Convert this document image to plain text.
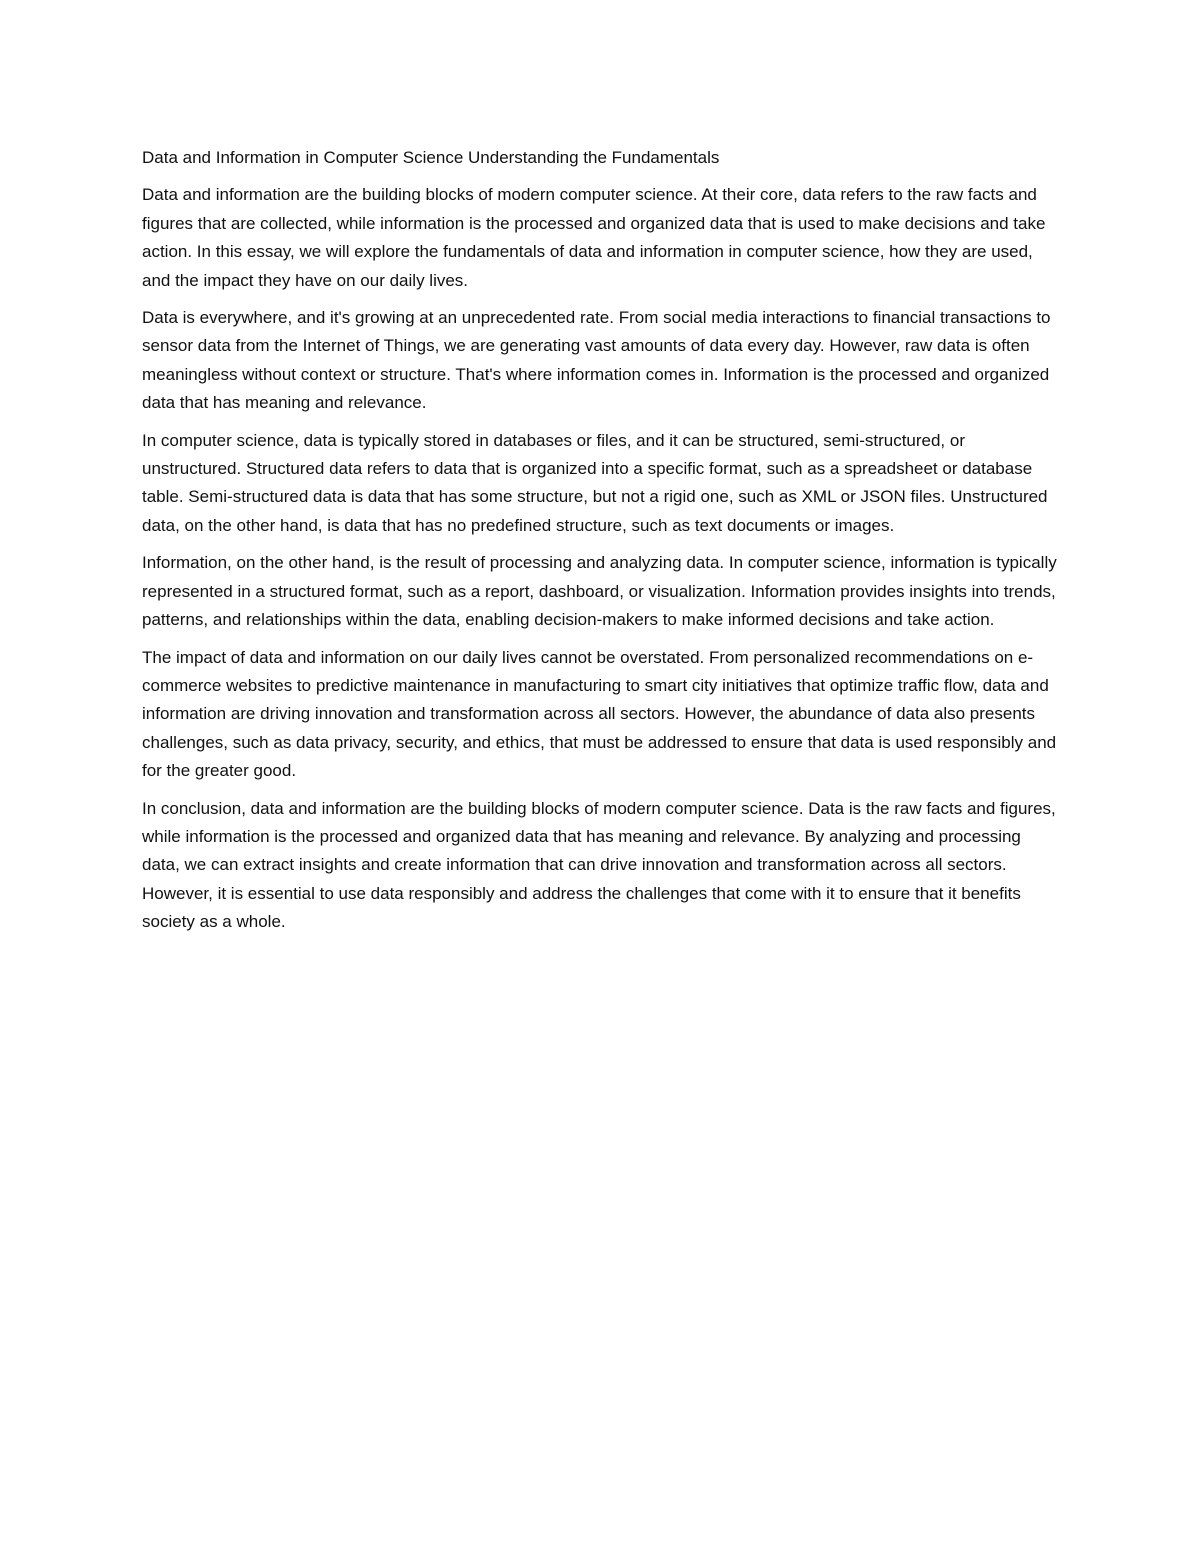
Data and Information in Computer Science Understanding the Fundamentals

Data and information are the building blocks of modern computer science. At their core, data refers to the raw facts and figures that are collected, while information is the processed and organized data that is used to make decisions and take action. In this essay, we will explore the fundamentals of data and information in computer science, how they are used, and the impact they have on our daily lives.

Data is everywhere, and it's growing at an unprecedented rate. From social media interactions to financial transactions to sensor data from the Internet of Things, we are generating vast amounts of data every day. However, raw data is often meaningless without context or structure. That's where information comes in. Information is the processed and organized data that has meaning and relevance.

In computer science, data is typically stored in databases or files, and it can be structured, semi-structured, or unstructured. Structured data refers to data that is organized into a specific format, such as a spreadsheet or database table. Semi-structured data is data that has some structure, but not a rigid one, such as XML or JSON files. Unstructured data, on the other hand, is data that has no predefined structure, such as text documents or images.

Information, on the other hand, is the result of processing and analyzing data. In computer science, information is typically represented in a structured format, such as a report, dashboard, or visualization. Information provides insights into trends, patterns, and relationships within the data, enabling decision-makers to make informed decisions and take action.

The impact of data and information on our daily lives cannot be overstated. From personalized recommendations on e-commerce websites to predictive maintenance in manufacturing to smart city initiatives that optimize traffic flow, data and information are driving innovation and transformation across all sectors. However, the abundance of data also presents challenges, such as data privacy, security, and ethics, that must be addressed to ensure that data is used responsibly and for the greater good.

In conclusion, data and information are the building blocks of modern computer science. Data is the raw facts and figures, while information is the processed and organized data that has meaning and relevance. By analyzing and processing data, we can extract insights and create information that can drive innovation and transformation across all sectors. However, it is essential to use data responsibly and address the challenges that come with it to ensure that it benefits society as a whole.
